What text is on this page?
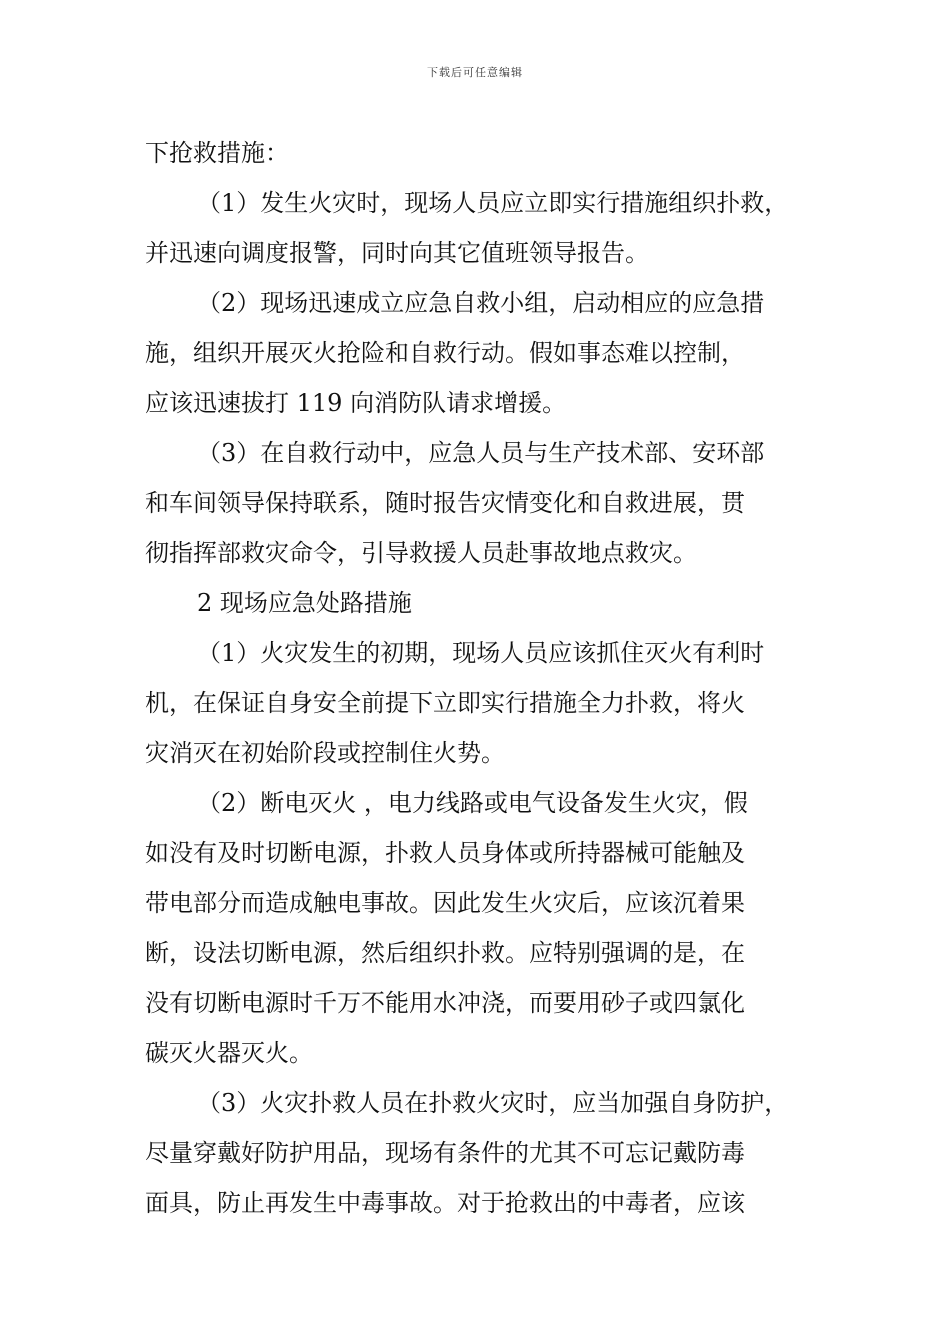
下载后可任意编辑
下抢救措施：
（1）发生火灾时，现场人员应立即实行措施组织扑救，
并迅速向调度报警，同时向其它值班领导报告。
（2）现场迅速成立应急自救小组，启动相应的应急措
施，组织开展灭火抢险和自救行动。假如事态难以控制，
应该迅速拔打 119 向消防队请求增援。
（3）在自救行动中，应急人员与生产技术部、安环部
和车间领导保持联系，随时报告灾情变化和自救进展，贯
彻指挥部救灾命令，引导救援人员赴事故地点救灾。
2 现场应急处路措施
（1）火灾发生的初期，现场人员应该抓住灭火有利时
机，在保证自身安全前提下立即实行措施全力扑救，将火
灾消灭在初始阶段或控制住火势。
（2）断电灭火 ，电力线路或电气设备发生火灾，假
如没有及时切断电源，扑救人员身体或所持器械可能触及
带电部分而造成触电事故。因此发生火灾后，应该沉着果
断，设法切断电源，然后组织扑救。应特别强调的是，在
没有切断电源时千万不能用水冲浇，而要用砂子或四氯化
碳灭火器灭火。
（3）火灾扑救人员在扑救火灾时，应当加强自身防护，
尽量穿戴好防护用品，现场有条件的尤其不可忘记戴防毒
面具，防止再发生中毒事故。对于抢救出的中毒者，应该
